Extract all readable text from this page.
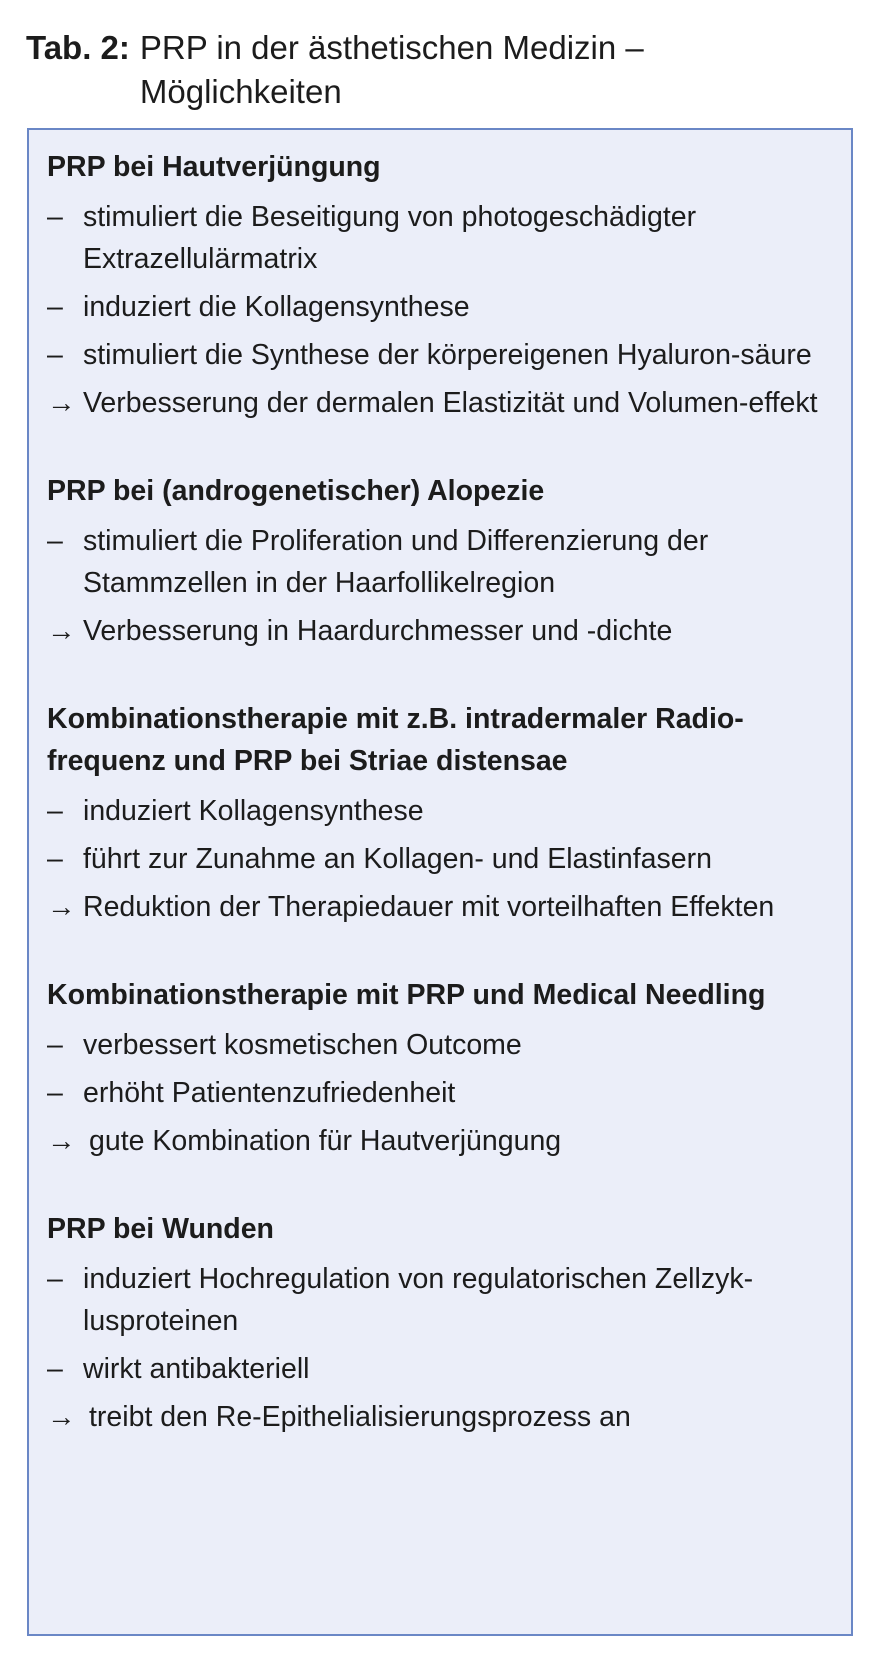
Tab. 2: PRP in der ästhetischen Medizin – Möglichkeiten
PRP bei Hautverjüngung
– stimuliert die Beseitigung von photogeschädigter Extrazellulärmatrix
– induziert die Kollagensynthese
– stimuliert die Synthese der körpereigenen Hyaluron-säure
→ Verbesserung der dermalen Elastizität und Volumen-effekt
PRP bei (androgenetischer) Alopezie
– stimuliert die Proliferation und Differenzierung der Stammzellen in der Haarfollikelregion
→ Verbesserung in Haardurchmesser und -dichte
Kombinationstherapie mit z.B. intradermaler Radio-frequenz und PRP bei Striae distensae
– induziert Kollagensynthese
– führt zur Zunahme an Kollagen- und Elastinfasern
→ Reduktion der Therapiedauer mit vorteilhaften Effekten
Kombinationstherapie mit PRP und Medical Needling
– verbessert kosmetischen Outcome
– erhöht Patientenzufriedenheit
→ gute Kombination für Hautverjüngung
PRP bei Wunden
– induziert Hochregulation von regulatorischen Zellzyk-lusproteinen
– wirkt antibakteriell
→ treibt den Re-Epithelialisierungsprozess an
